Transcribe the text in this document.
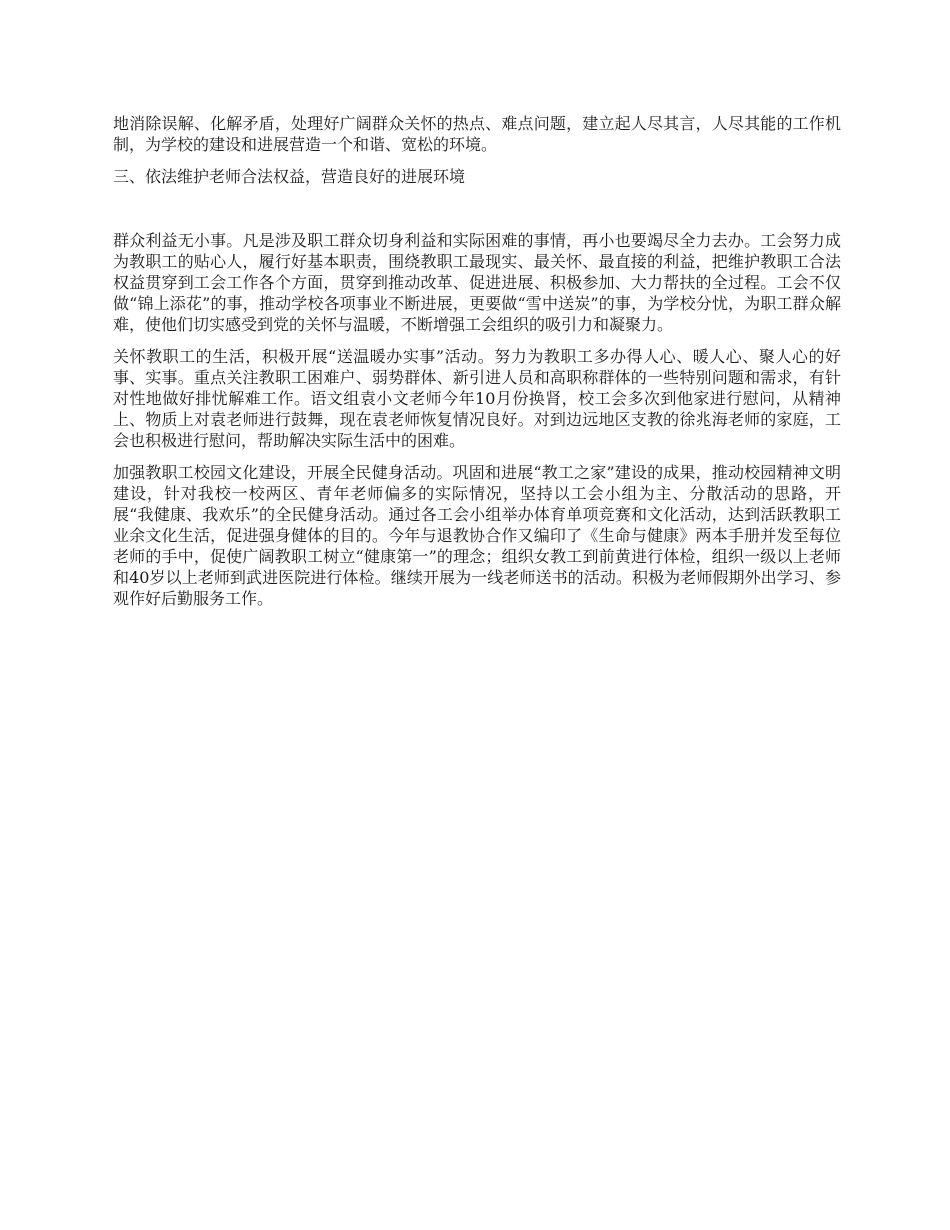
地消除误解、化解矛盾，处理好广阔群众关怀的热点、难点问题，建立起人尽其言，人尽其能的工作机制，为学校的建设和进展营造一个和谐、宽松的环境。

三、依法维护老师合法权益，营造良好的进展环境

群众利益无小事。凡是涉及职工群众切身利益和实际困难的事情，再小也要竭尽全力去办。工会努力成为教职工的贴心人，履行好基本职责，围绕教职工最现实、最关怀、最直接的利益，把维护教职工合法权益贯穿到工会工作各个方面，贯穿到推动改革、促进进展、积极参加、大力帮扶的全过程。工会不仅做“锦上添花”的事，推动学校各项事业不断进展，更要做“雪中送炭”的事，为学校分忧，为职工群众解难，使他们切实感受到党的关怀与温暖，不断增强工会组织的吸引力和凝聚力。

关怀教职工的生活，积极开展“送温暖办实事”活动。努力为教职工多办得人心、暖人心、聚人心的好事、实事。重点关注教职工困难户、弱势群体、新引进人员和高职称群体的一些特别问题和需求，有针对性地做好排忧解难工作。语文组袁小文老师今年10月份换肾，校工会多次到他家进行慰问，从精神上、物质上对袁老师进行鼓舞，现在袁老师恢复情况良好。对到边远地区支教的徐兆海老师的家庭，工会也积极进行慰问，帮助解决实际生活中的困难。

加强教职工校园文化建设，开展全民健身活动。巩固和进展“教工之家”建设的成果，推动校园精神文明建设，针对我校一校两区、青年老师偏多的实际情况，坚持以工会小组为主、分散活动的思路，开展“我健康、我欢乐”的全民健身活动。通过各工会小组举办体育单项竞赛和文化活动，达到活跃教职工业余文化生活，促进强身健体的目的。今年与退教协合作又编印了《生命与健康》两本手册并发至每位老师的手中，促使广阔教职工树立“健康第一”的理念；组织女教工到前黄进行体检，组织一级以上老师和40岁以上老师到武进医院进行体检。继续开展为一线老师送书的活动。积极为老师假期外出学习、参观作好后勤服务工作。
